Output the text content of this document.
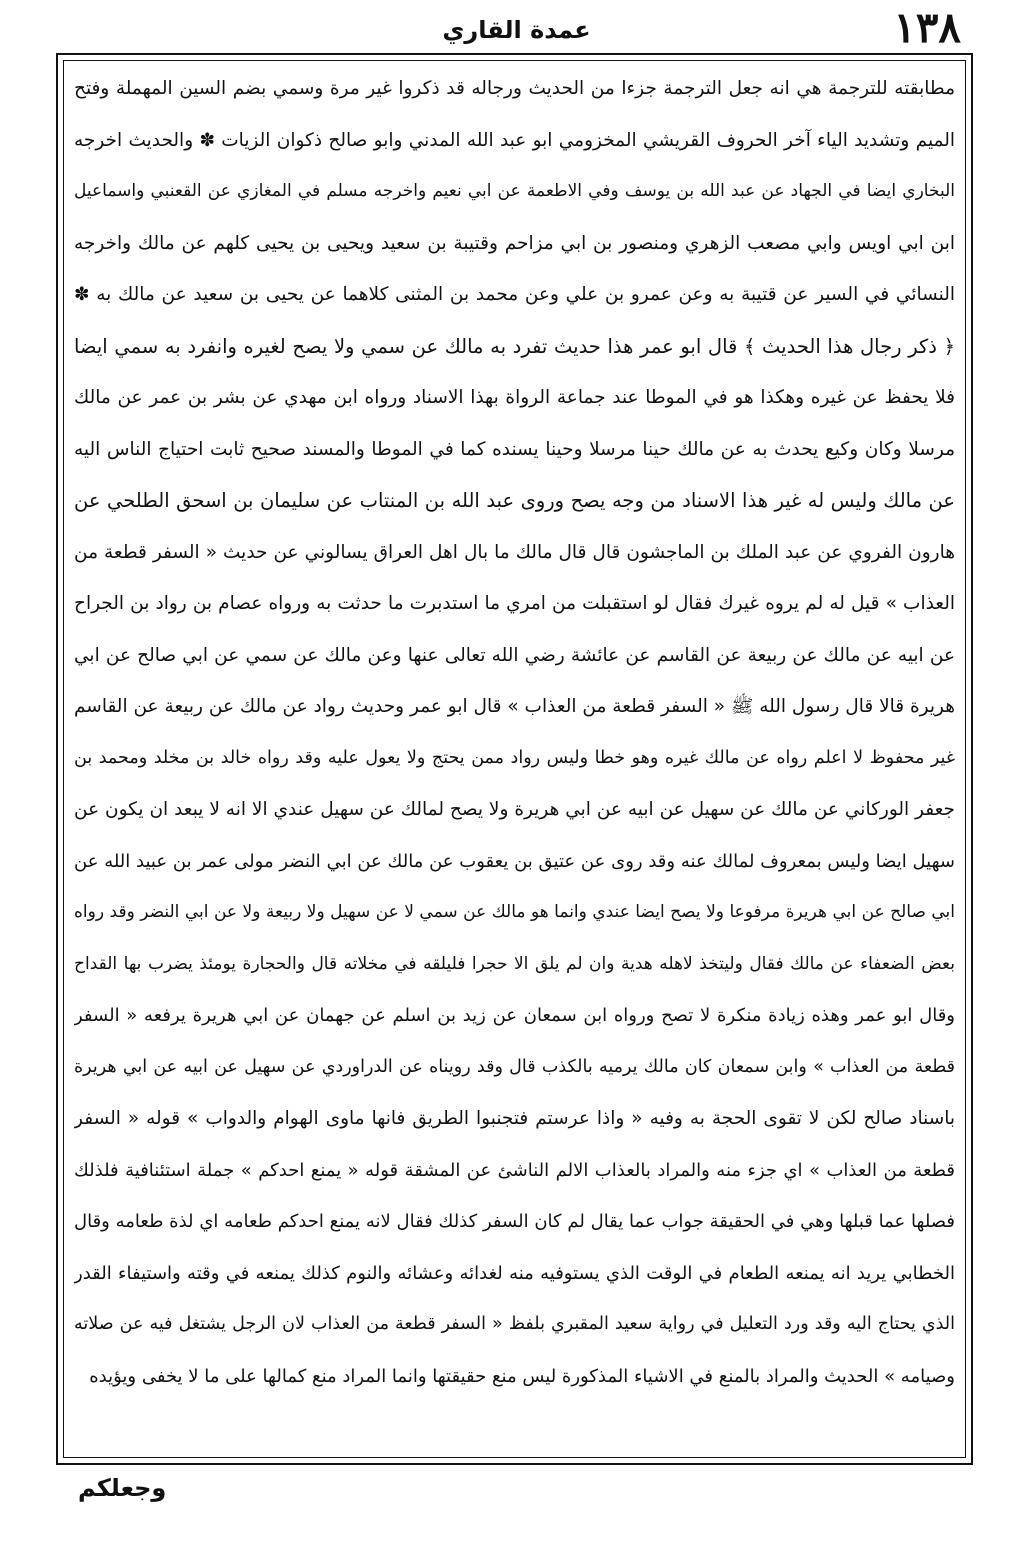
۱۳۸
عمدة القاري
مطابقته للترجمة هي انه جعل الترجمة جزءا من الحديث ورجاله قد ذكروا غير مرة وسمي بضم السين المهملة وفتح
الميم وتشديد الياء آخر الحروف القريشي المخزومي ابو عبد الله المدني وابو صالح ذكوان الزيات ✽ والحديث اخرجه
البخاري ايضا في الجهاد عن عبد الله بن يوسف وفي الاطعمة عن ابي نعيم واخرجه مسلم في المغازي عن القعنبي واسماعيل
ابن ابي اويس وابي مصعب الزهري ومنصور بن ابي مزاحم وقتيبة بن سعيد ويحيى بن يحيى كلهم عن مالك واخرجه
النسائي في السير عن قتيبة به وعن عمرو بن علي وعن محمد بن المثنى كلاهما عن يحيى بن سعيد عن مالك به ✽
﴿ ذكر رجال هذا الحديث ﴾ قال ابو عمر هذا حديث تفرد به مالك عن سمي ولا يصح لغيره وانفرد به سمي ايضا
فلا يحفظ عن غيره وهكذا هو في الموطا عند جماعة الرواة بهذا الاسناد ورواه ابن مهدي عن بشر بن عمر عن مالك
مرسلا وكان وكيع يحدث به عن مالك حينا مرسلا وحينا يسنده كما في الموطا والمسند صحيح ثابت احتياج الناس اليه
عن مالك وليس له غير هذا الاسناد من وجه يصح وروى عبد الله بن المنتاب عن سليمان بن اسحق الطلحي عن
هارون الفروي عن عبد الملك بن الماجشون قال قال مالك ما بال اهل العراق يسالوني عن حديث « السفر قطعة من
العذاب » قيل له لم يروه غيرك فقال لو استقبلت من امري ما استدبرت ما حدثت به ورواه عصام بن رواد بن الجراح
عن ابيه عن مالك عن ربيعة عن القاسم عن عائشة رضي الله تعالى عنها وعن مالك عن سمي عن ابي صالح عن ابي
هريرة قالا قال رسول الله ﷺ « السفر قطعة من العذاب » قال ابو عمر وحديث رواد عن مالك عن ربيعة عن القاسم
غير محفوظ لا اعلم رواه عن مالك غيره وهو خطا وليس رواد ممن يحتج ولا يعول عليه وقد رواه خالد بن مخلد ومحمد بن
جعفر الوركاني عن مالك عن سهيل عن ابيه عن ابي هريرة ولا يصح لمالك عن سهيل عندي الا انه لا يبعد ان يكون عن
سهيل ايضا وليس بمعروف لمالك عنه وقد روى عن عتيق بن يعقوب عن مالك عن ابي النضر مولى عمر بن عبيد الله عن
ابي صالح عن ابي هريرة مرفوعا ولا يصح ايضا عندي وانما هو مالك عن سمي لا عن سهيل ولا ربيعة ولا عن ابي النضر وقد رواه
بعض الضعفاء عن مالك فقال وليتخذ لاهله هدية وان لم يلق الا حجرا فليلقه في مخلاته قال والحجارة يومئذ يضرب بها القداح
وقال ابو عمر وهذه زيادة منكرة لا تصح ورواه ابن سمعان عن زيد بن اسلم عن جهمان عن ابي هريرة يرفعه « السفر
قطعة من العذاب » وابن سمعان كان مالك يرميه بالكذب قال وقد رويناه عن الدراوردي عن سهيل عن ابيه عن ابي هريرة
باسناد صالح لكن لا تقوى الحجة به وفيه « واذا عرستم فتجنبوا الطريق فانها ماوى الهوام والدواب » قوله « السفر
قطعة من العذاب » اي جزء منه والمراد بالعذاب الالم الناشئ عن المشقة قوله « يمنع احدكم » جملة استئنافية فلذلك
فصلها عما قبلها وهي في الحقيقة جواب عما يقال لم كان السفر كذلك فقال لانه يمنع احدكم طعامه اي لذة طعامه وقال
الخطابي يريد انه يمنعه الطعام في الوقت الذي يستوفيه منه لغدائه وعشائه والنوم كذلك يمنعه في وقته واستيفاء القدر
الذي يحتاج اليه وقد ورد التعليل في رواية سعيد المقبري بلفظ « السفر قطعة من العذاب لان الرجل يشتغل فيه عن صلاته
وصيامه » الحديث والمراد بالمنع في الاشياء المذكورة ليس منع حقيقتها وانما المراد منع كمالها على ما لا يخفى ويؤيده
وجعلكم
